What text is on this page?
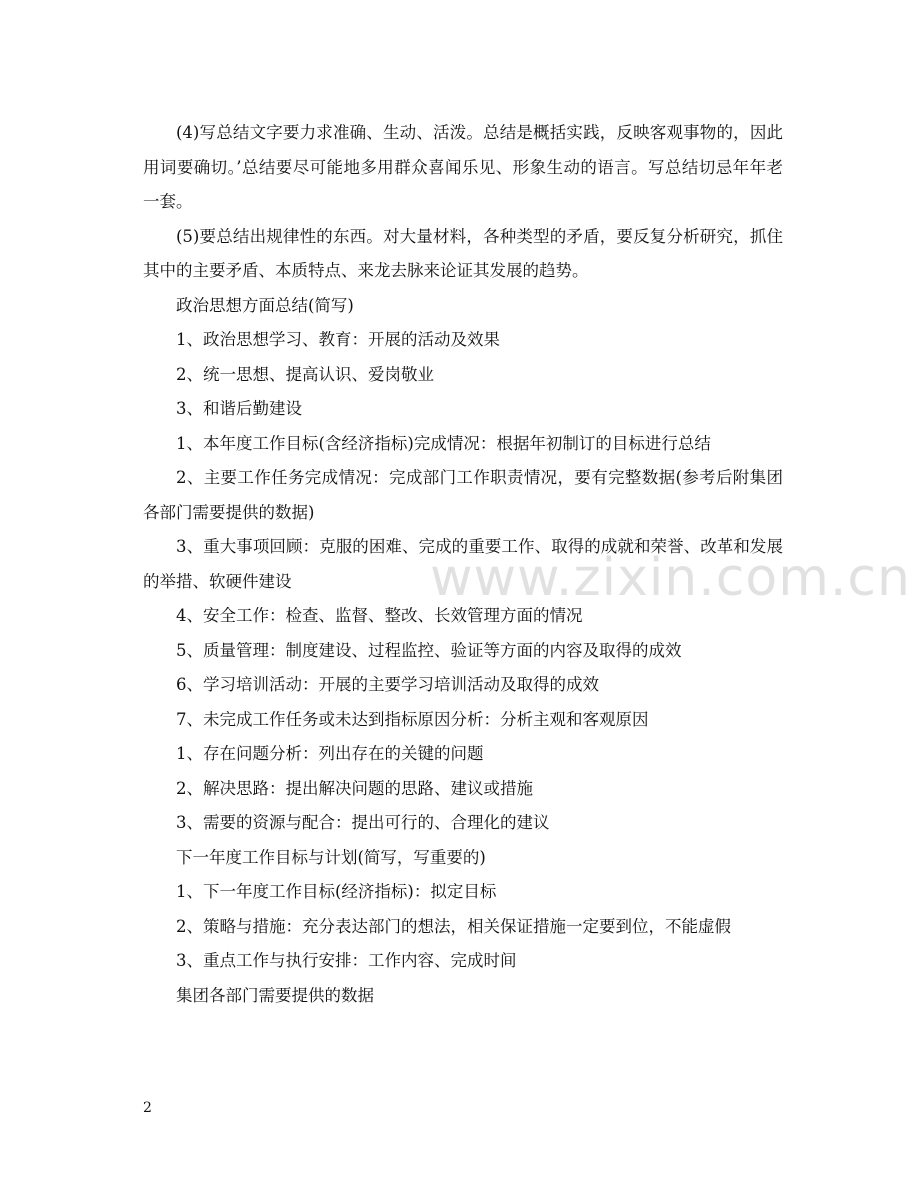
(4)写总结文字要力求准确、生动、活泼。总结是概括实践，反映客观事物的，因此用词要确切。’总结要尽可能地多用群众喜闻乐见、形象生动的语言。写总结切忌年年老一套。

(5)要总结出规律性的东西。对大量材料，各种类型的矛盾，要反复分析研究，抓住其中的主要矛盾、本质特点、来龙去脉来论证其发展的趋势。

政治思想方面总结(简写)

1、政治思想学习、教育：开展的活动及效果

2、统一思想、提高认识、爱岗敬业

3、和谐后勤建设

1、本年度工作目标(含经济指标)完成情况：根据年初制订的目标进行总结

2、主要工作任务完成情况：完成部门工作职责情况，要有完整数据(参考后附集团各部门需要提供的数据)

3、重大事项回顾：克服的困难、完成的重要工作、取得的成就和荣誉、改革和发展的举措、软硬件建设

4、安全工作：检查、监督、整改、长效管理方面的情况

5、质量管理：制度建设、过程监控、验证等方面的内容及取得的成效

6、学习培训活动：开展的主要学习培训活动及取得的成效

7、未完成工作任务或未达到指标原因分析：分析主观和客观原因

1、存在问题分析：列出存在的关键的问题

2、解决思路：提出解决问题的思路、建议或措施

3、需要的资源与配合：提出可行的、合理化的建议

下一年度工作目标与计划(简写，写重要的)

1、下一年度工作目标(经济指标)：拟定目标

2、策略与措施：充分表达部门的想法，相关保证措施一定要到位，不能虚假

3、重点工作与执行安排：工作内容、完成时间

集团各部门需要提供的数据

www.zixin.com.cn
2
